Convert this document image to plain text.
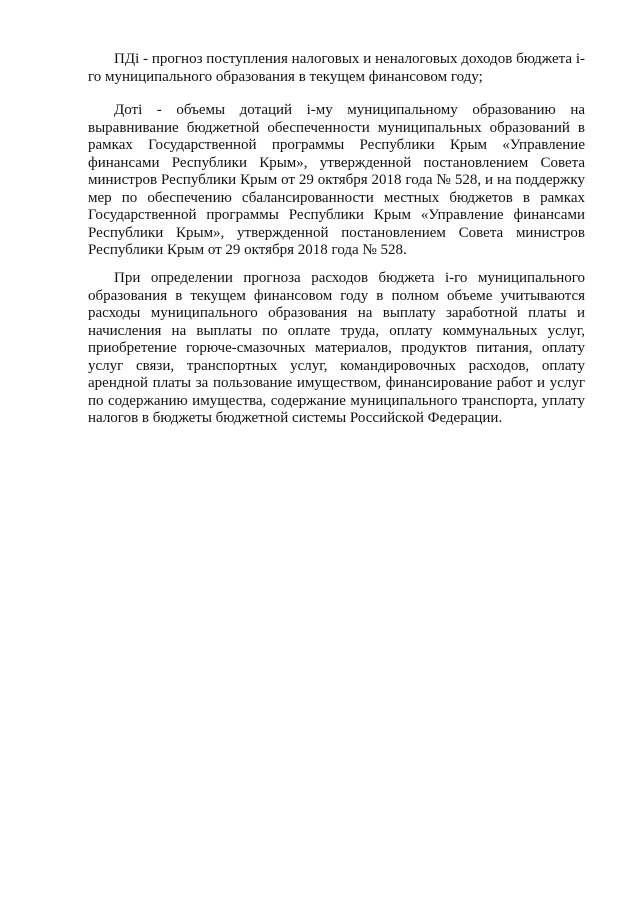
ПДi - прогноз поступления налоговых и неналоговых доходов бюджета i-го муниципального образования в текущем финансовом году;

Дотi - объемы дотаций i-му муниципальному образованию на выравнивание бюджетной обеспеченности муниципальных образований в рамках Государственной программы Республики Крым «Управление финансами Республики Крым», утвержденной постановлением Совета министров Республики Крым от 29 октября 2018 года № 528, и на поддержку мер по обеспечению сбалансированности местных бюджетов в рамках Государственной программы Республики Крым «Управление финансами Республики Крым», утвержденной постановлением Совета министров Республики Крым от 29 октября 2018 года № 528.

При определении прогноза расходов бюджета i-го муниципального образования в текущем финансовом году в полном объеме учитываются расходы муниципального образования на выплату заработной платы и начисления на выплаты по оплате труда, оплату коммунальных услуг, приобретение горюче-смазочных материалов, продуктов питания, оплату услуг связи, транспортных услуг, командировочных расходов, оплату арендной платы за пользование имуществом, финансирование работ и услуг по содержанию имущества, содержание муниципального транспорта, уплату налогов в бюджеты бюджетной системы Российской Федерации.
